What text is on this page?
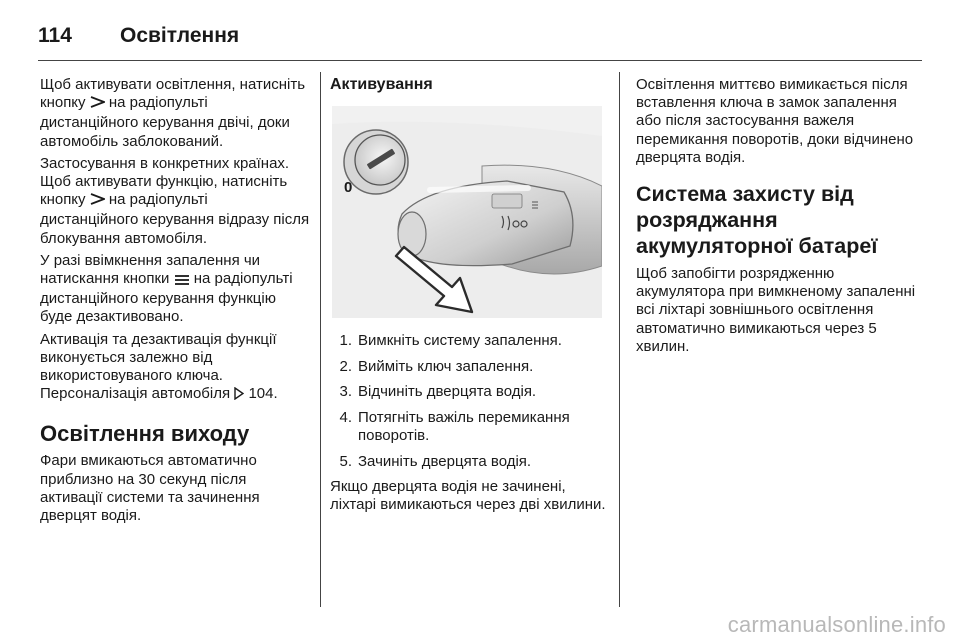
114	Освітлення

Щоб активувати освітлення, натисніть кнопку  на радіопульті дистанційного керування двічі, доки автомобіль заблокований.

Застосування в конкретних країнах. Щоб активувати функцію, натисніть кнопку  на радіопульті дистанційного керування відразу після блокування автомобіля.

У разі ввімкнення запалення чи натискання кнопки  на радіопульті дистанційного керування функцію буде дезактивовано.

Активація та дезактивація функції виконується залежно від використовуваного ключа. Персоналізація автомобіля  104.

Освітлення виходу

Фари вмикаються автоматично приблизно на 30 секунд після активації системи та зачинення дверцят водія.

Активування
0
1. Вимкніть систему запалення.
2. Вийміть ключ запалення.
3. Відчиніть дверцята водія.
4. Потягніть важіль перемикання поворотів.
5. Зачиніть дверцята водія.

Якщо дверцята водія не зачинені, ліхтарі вимикаються через дві хвилини.

Освітлення миттєво вимикається після вставлення ключа в замок запалення або після застосування важеля перемикання поворотів, доки відчинено дверцята водія.

Система захисту від розряджання акумуляторної батареї

Щоб запобігти розрядженню акумулятора при вимкненому запаленні всі ліхтарі зовнішнього освітлення автоматично вимикаються через 5 хвилин.

carmanualsonline.info
